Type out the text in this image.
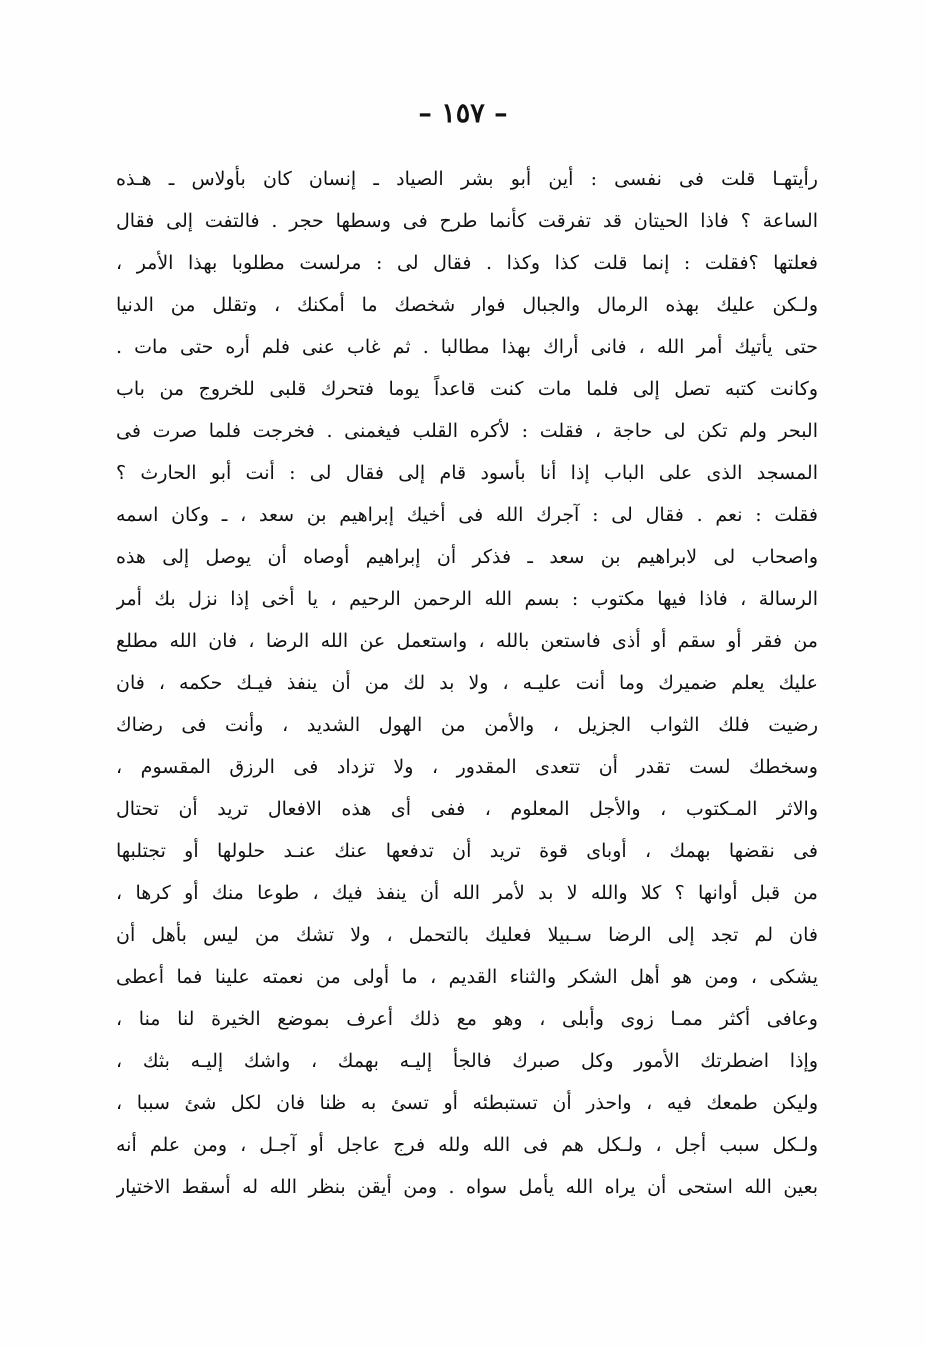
– ١٥٧ –
رأيتهـا قلت فى نفسى : أين أبو بشر الصياد ـ إنسان كان بأولاس ـ هـذه
الساعة ؟ فاذا الحيتان قد تفرقت كأنما طرح فى وسطها حجر . فالتفت إلى فقال
فعلتها ؟فقلت : إنما قلت كذا وكذا . فقال لى : مرلست مطلوبا بهذا الأمر ،
ولـكن عليك بهذه الرمال والجبال فوار شخصك ما أمكنك ، وتقلل من الدنيا
حتى يأتيك أمر الله ، فانى أراك بهذا مطالبا . ثم غاب عنى فلم أره حتى مات .
وكانت كتبه تصل إلى فلما مات كنت قاعداً يوما فتحرك قلبى للخروج من باب
البحر ولم تكن لى حاجة ، فقلت : لأكره القلب فيغمنى . فخرجت فلما صرت فى
المسجد الذى على الباب إذا أنا بأسود قام إلى فقال لى : أنت أبو الحارث ؟
فقلت : نعم . فقال لى : آجرك الله فى أخيك إبراهيم بن سعد ، ـ وكان اسمه
واصحاب لى لابراهيم بن سعد ـ فذكر أن إبراهيم أوصاه أن يوصل إلى هذه
الرسالة ، فاذا فيها مكتوب : بسم الله الرحمن الرحيم ، يا أخى إذا نزل بك أمر
من فقر أو سقم أو أذى فاستعن بالله ، واستعمل عن الله الرضا ، فان الله مطلع
عليك يعلم ضميرك وما أنت عليـه ، ولا بد لك من أن ينفذ فيـك حكمه ، فان
رضيت فلك الثواب الجزيل ، والأمن من الهول الشديد ، وأنت فى رضاك
وسخطك لست تقدر أن تتعدى المقدور ، ولا تزداد فى الرزق المقسوم ،
والاثر المـكتوب ، والأجل المعلوم ، ففى أى هذه الافعال تريد أن تحتال
فى نقضها بهمك ، أوباى قوة تريد أن تدفعها عنك عنـد حلولها أو تجتلبها
من قبل أوانها ؟ كلا والله لا بد لأمر الله أن ينفذ فيك ، طوعا منك أو كرها ،
فان لم تجد إلى الرضا سـبيلا فعليك بالتحمل ، ولا تشك من ليس بأهل أن
يشكى ، ومن هو أهل الشكر والثناء القديم ، ما أولى من نعمته علينا فما أعطى
وعافى أكثر ممـا زوى وأبلى ، وهو مع ذلك أعرف بموضع الخيرة لنا منا ،
وإذا اضطرتك الأمور وكل صبرك فالجأ إليـه بهمك ، واشك إليـه بثك ،
وليكن طمعك فيه ، واحذر أن تستبطئه أو تسئ به ظنا فان لكل شئ سببا ،
ولـكل سبب أجل ، ولـكل هم فى الله ولله فرج عاجل أو آجـل ، ومن علم أنه
بعين الله استحى أن يراه الله يأمل سواه . ومن أيقن بنظر الله له أسقط الاختيار
